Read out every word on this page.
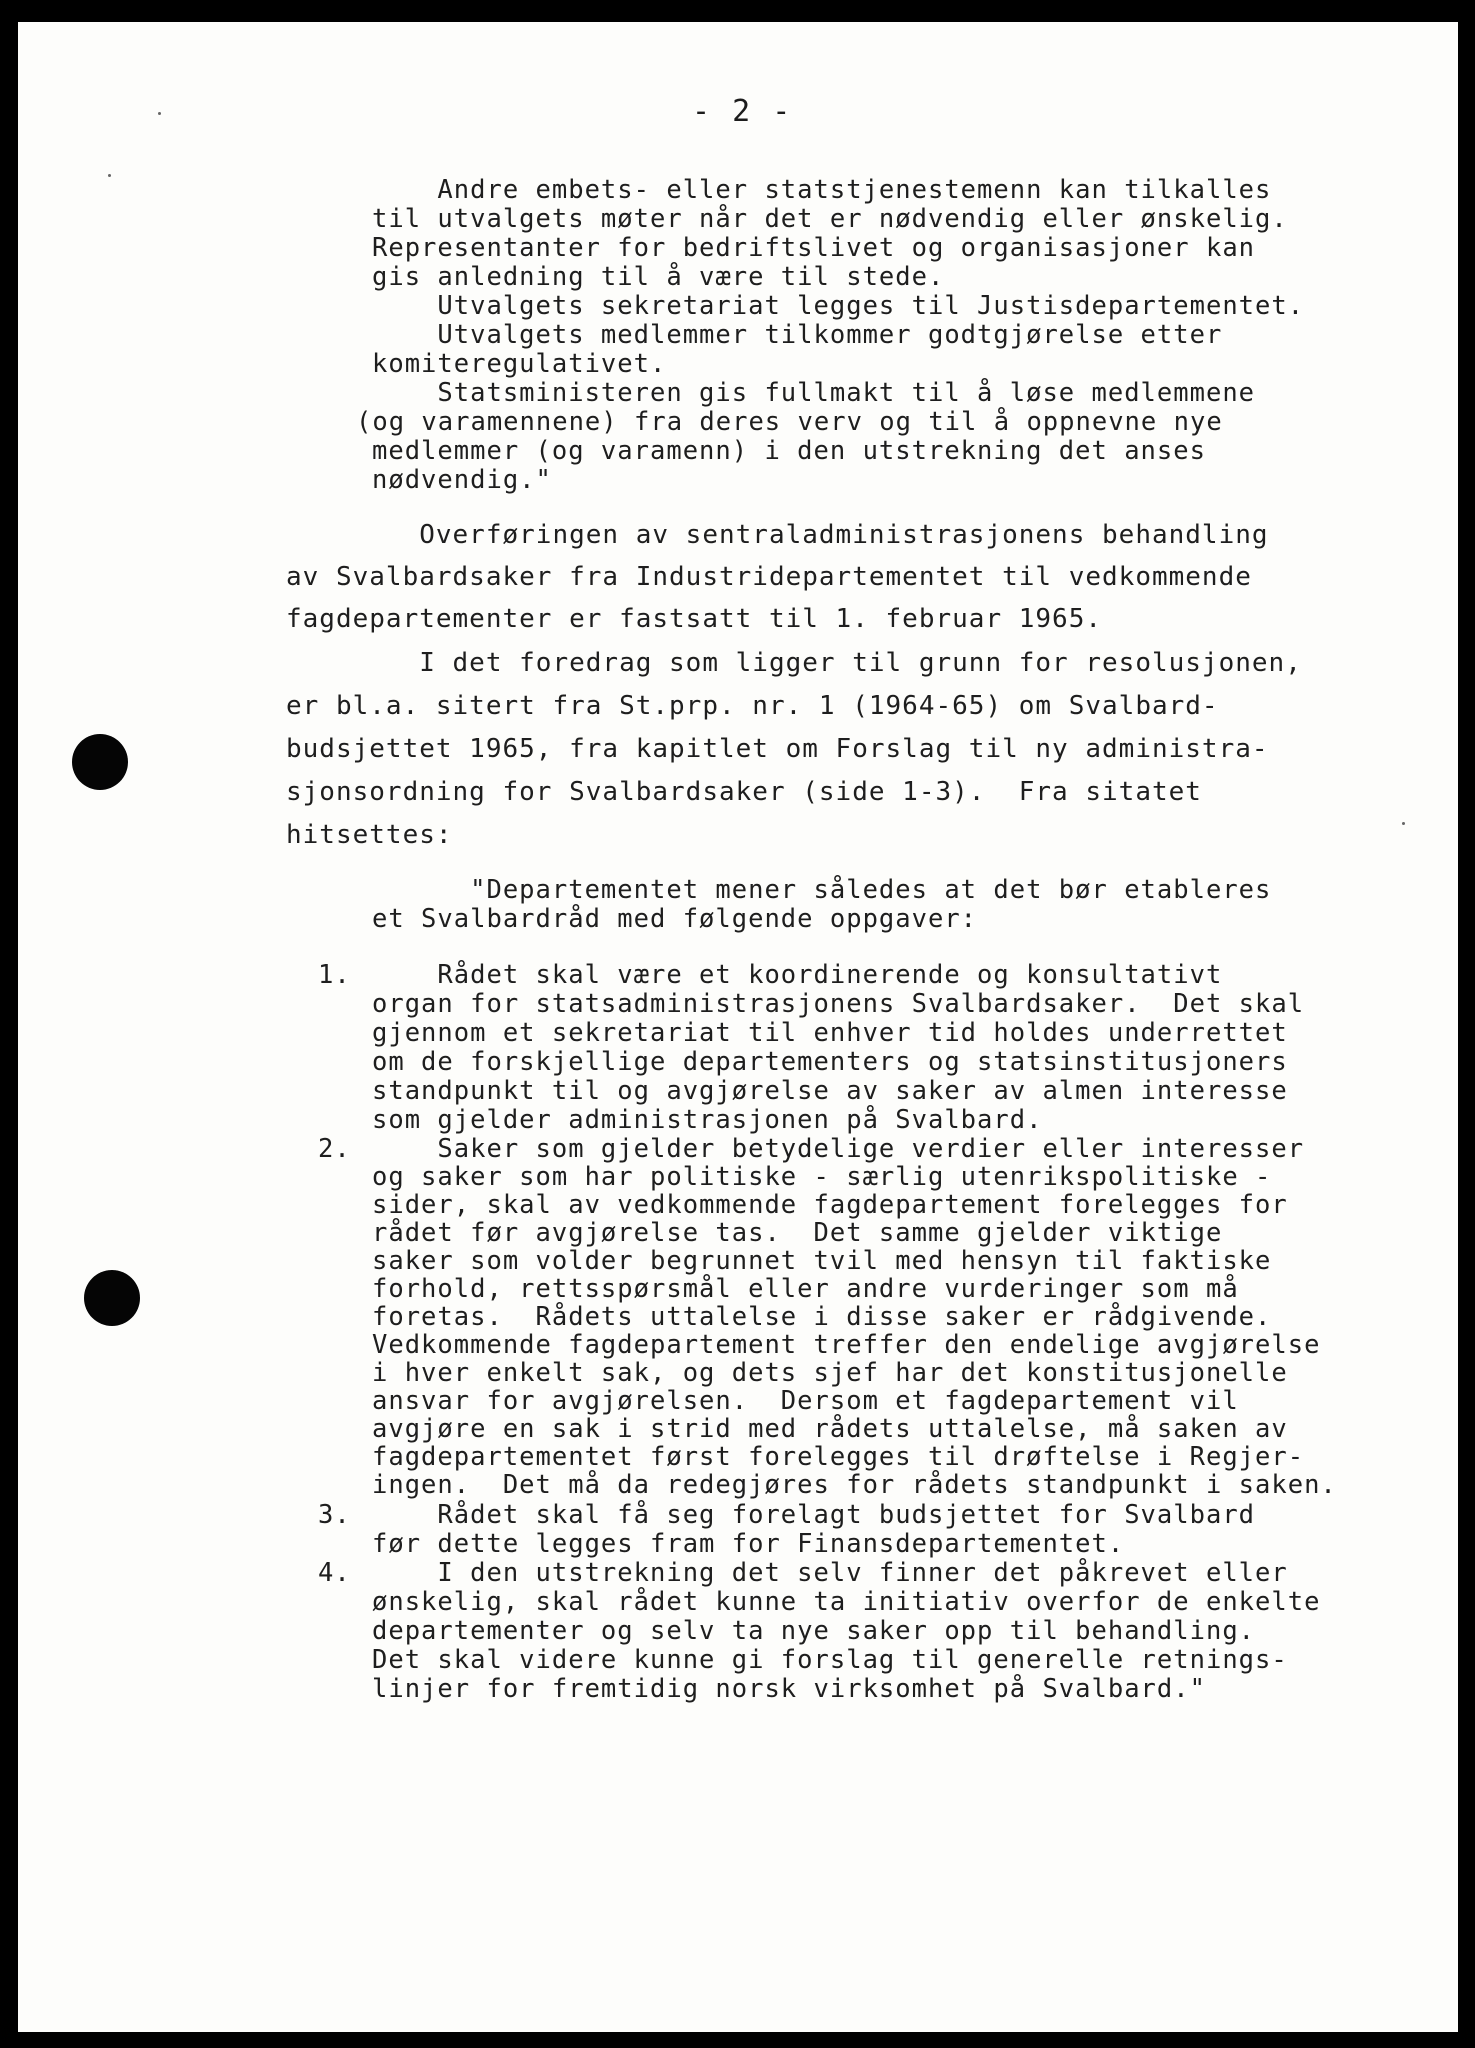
- 2 -
Andre embets- eller statstjenestemenn kan tilkalles
til utvalgets møter når det er nødvendig eller ønskelig.
Representanter for bedriftslivet og organisasjoner kan
gis anledning til å være til stede.
Utvalgets sekretariat legges til Justisdepartementet.
Utvalgets medlemmer tilkommer godtgjørelse etter
komiteregulativet.
Statsministeren gis fullmakt til å løse medlemmene
(og varamennene) fra deres verv og til å oppnevne nye
medlemmer (og varamenn) i den utstrekning det anses
nødvendig."
Overføringen av sentraladministrasjonens behandling
av Svalbardsaker fra Industridepartementet til vedkommende
fagdepartementer er fastsatt til 1. februar 1965.
I det foredrag som ligger til grunn for resolusjonen,
er bl.a. sitert fra St.prp. nr. 1 (1964-65) om Svalbard-
budsjettet 1965, fra kapitlet om Forslag til ny administra-
sjonsordning for Svalbardsaker (side 1-3).  Fra sitatet
hitsettes:
"Departementet mener således at det bør etableres
et Svalbardråd med følgende oppgaver:
1. Rådet skal være et koordinerende og konsultativt
organ for statsadministrasjonens Svalbardsaker.  Det skal
gjennom et sekretariat til enhver tid holdes underrettet
om de forskjellige departementers og statsinstitusjoners
standpunkt til og avgjørelse av saker av almen interesse
som gjelder administrasjonen på Svalbard.
2. Saker som gjelder betydelige verdier eller interesser
og saker som har politiske - særlig utenrikspolitiske -
sider, skal av vedkommende fagdepartement forelegges for
rådet før avgjørelse tas.  Det samme gjelder viktige
saker som volder begrunnet tvil med hensyn til faktiske
forhold, rettsspørsmål eller andre vurderinger som må
foretas.  Rådets uttalelse i disse saker er rådgivende.
Vedkommende fagdepartement treffer den endelige avgjørelse
i hver enkelt sak, og dets sjef har det konstitusjonelle
ansvar for avgjørelsen.  Dersom et fagdepartement vil
avgjøre en sak i strid med rådets uttalelse, må saken av
fagdepartementet først forelegges til drøftelse i Regjer-
ingen.  Det må da redegjøres for rådets standpunkt i saken.
3. Rådet skal få seg forelagt budsjettet for Svalbard
før dette legges fram for Finansdepartementet.
4. I den utstrekning det selv finner det påkrevet eller
ønskelig, skal rådet kunne ta initiativ overfor de enkelte
departementer og selv ta nye saker opp til behandling.
Det skal videre kunne gi forslag til generelle retnings-
linjer for fremtidig norsk virksomhet på Svalbard."
